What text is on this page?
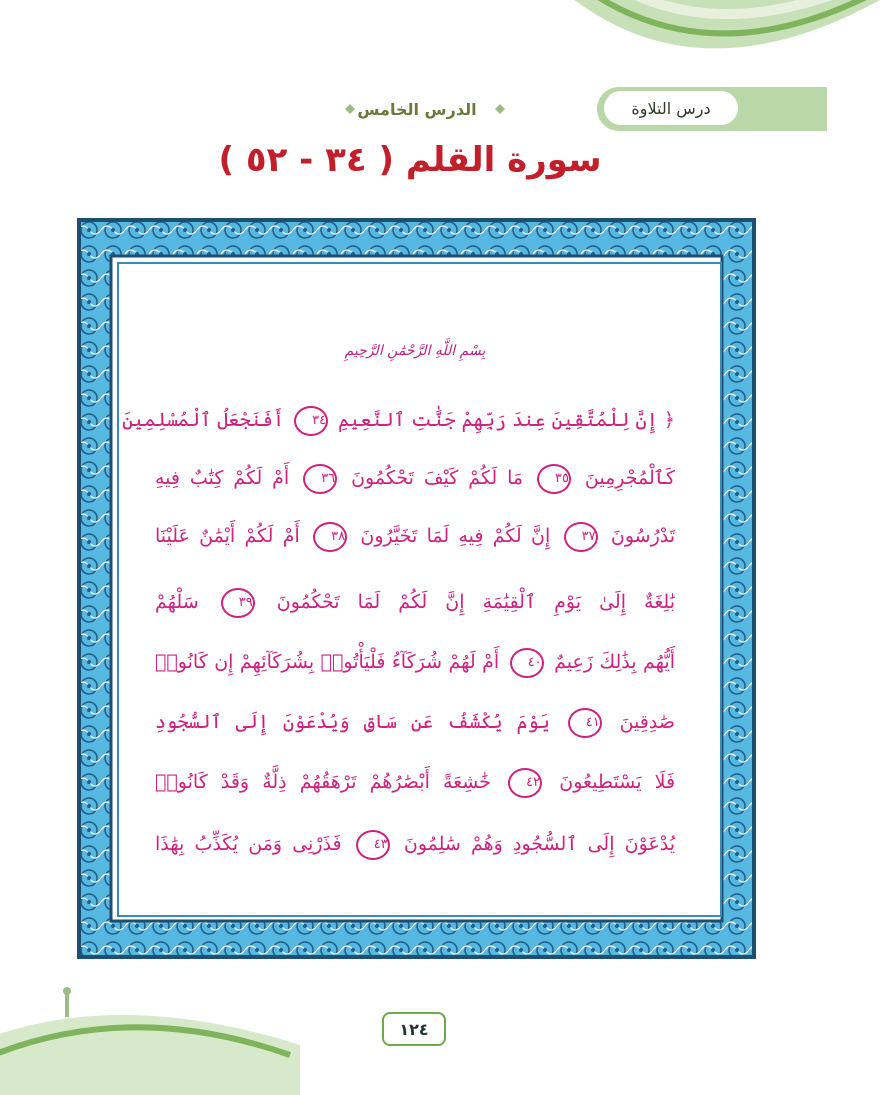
درس التلاوة
الدرس الخامس
سورة القلم ( ٣٤ - ٥٢ )
بِسْمِ اللَّهِ الرَّحْمَٰنِ الرَّحِيمِ
﴿ إِنَّ لِلْمُتَّقِينَ عِندَ رَبِّهِمْ جَنَّٰتِ ٱلنَّعِيمِ ٣٤ أَفَنَجْعَلُ ٱلْمُسْلِمِينَ
كَٱلْمُجْرِمِينَ ٣٥ مَا لَكُمْ كَيْفَ تَحْكُمُونَ ٣٦ أَمْ لَكُمْ كِتَٰبٌ فِيهِ
تَدْرُسُونَ ٣٧ إِنَّ لَكُمْ فِيهِ لَمَا تَخَيَّرُونَ ٣٨ أَمْ لَكُمْ أَيْمَٰنٌ عَلَيْنَا
بَٰلِغَةٌ إِلَىٰ يَوْمِ ٱلْقِيَٰمَةِ إِنَّ لَكُمْ لَمَا تَحْكُمُونَ ٣٩ سَلْهُمْ
أَيُّهُم بِذَٰلِكَ زَعِيمٌ ٤٠ أَمْ لَهُمْ شُرَكَآءُ فَلْيَأْتُوا۟ بِشُرَكَآئِهِمْ إِن كَانُوا۟
صَٰدِقِينَ ٤١ يَوْمَ يُكْشَفُ عَن سَاقٍ وَيُدْعَوْنَ إِلَى ٱلسُّجُودِ
فَلَا يَسْتَطِيعُونَ ٤٢ خَٰشِعَةً أَبْصَٰرُهُمْ تَرْهَقُهُمْ ذِلَّةٌ وَقَدْ كَانُوا۟
يُدْعَوْنَ إِلَى ٱلسُّجُودِ وَهُمْ سَٰلِمُونَ ٤٣ فَذَرْنِى وَمَن يُكَذِّبُ بِهَٰذَا
١٢٤
